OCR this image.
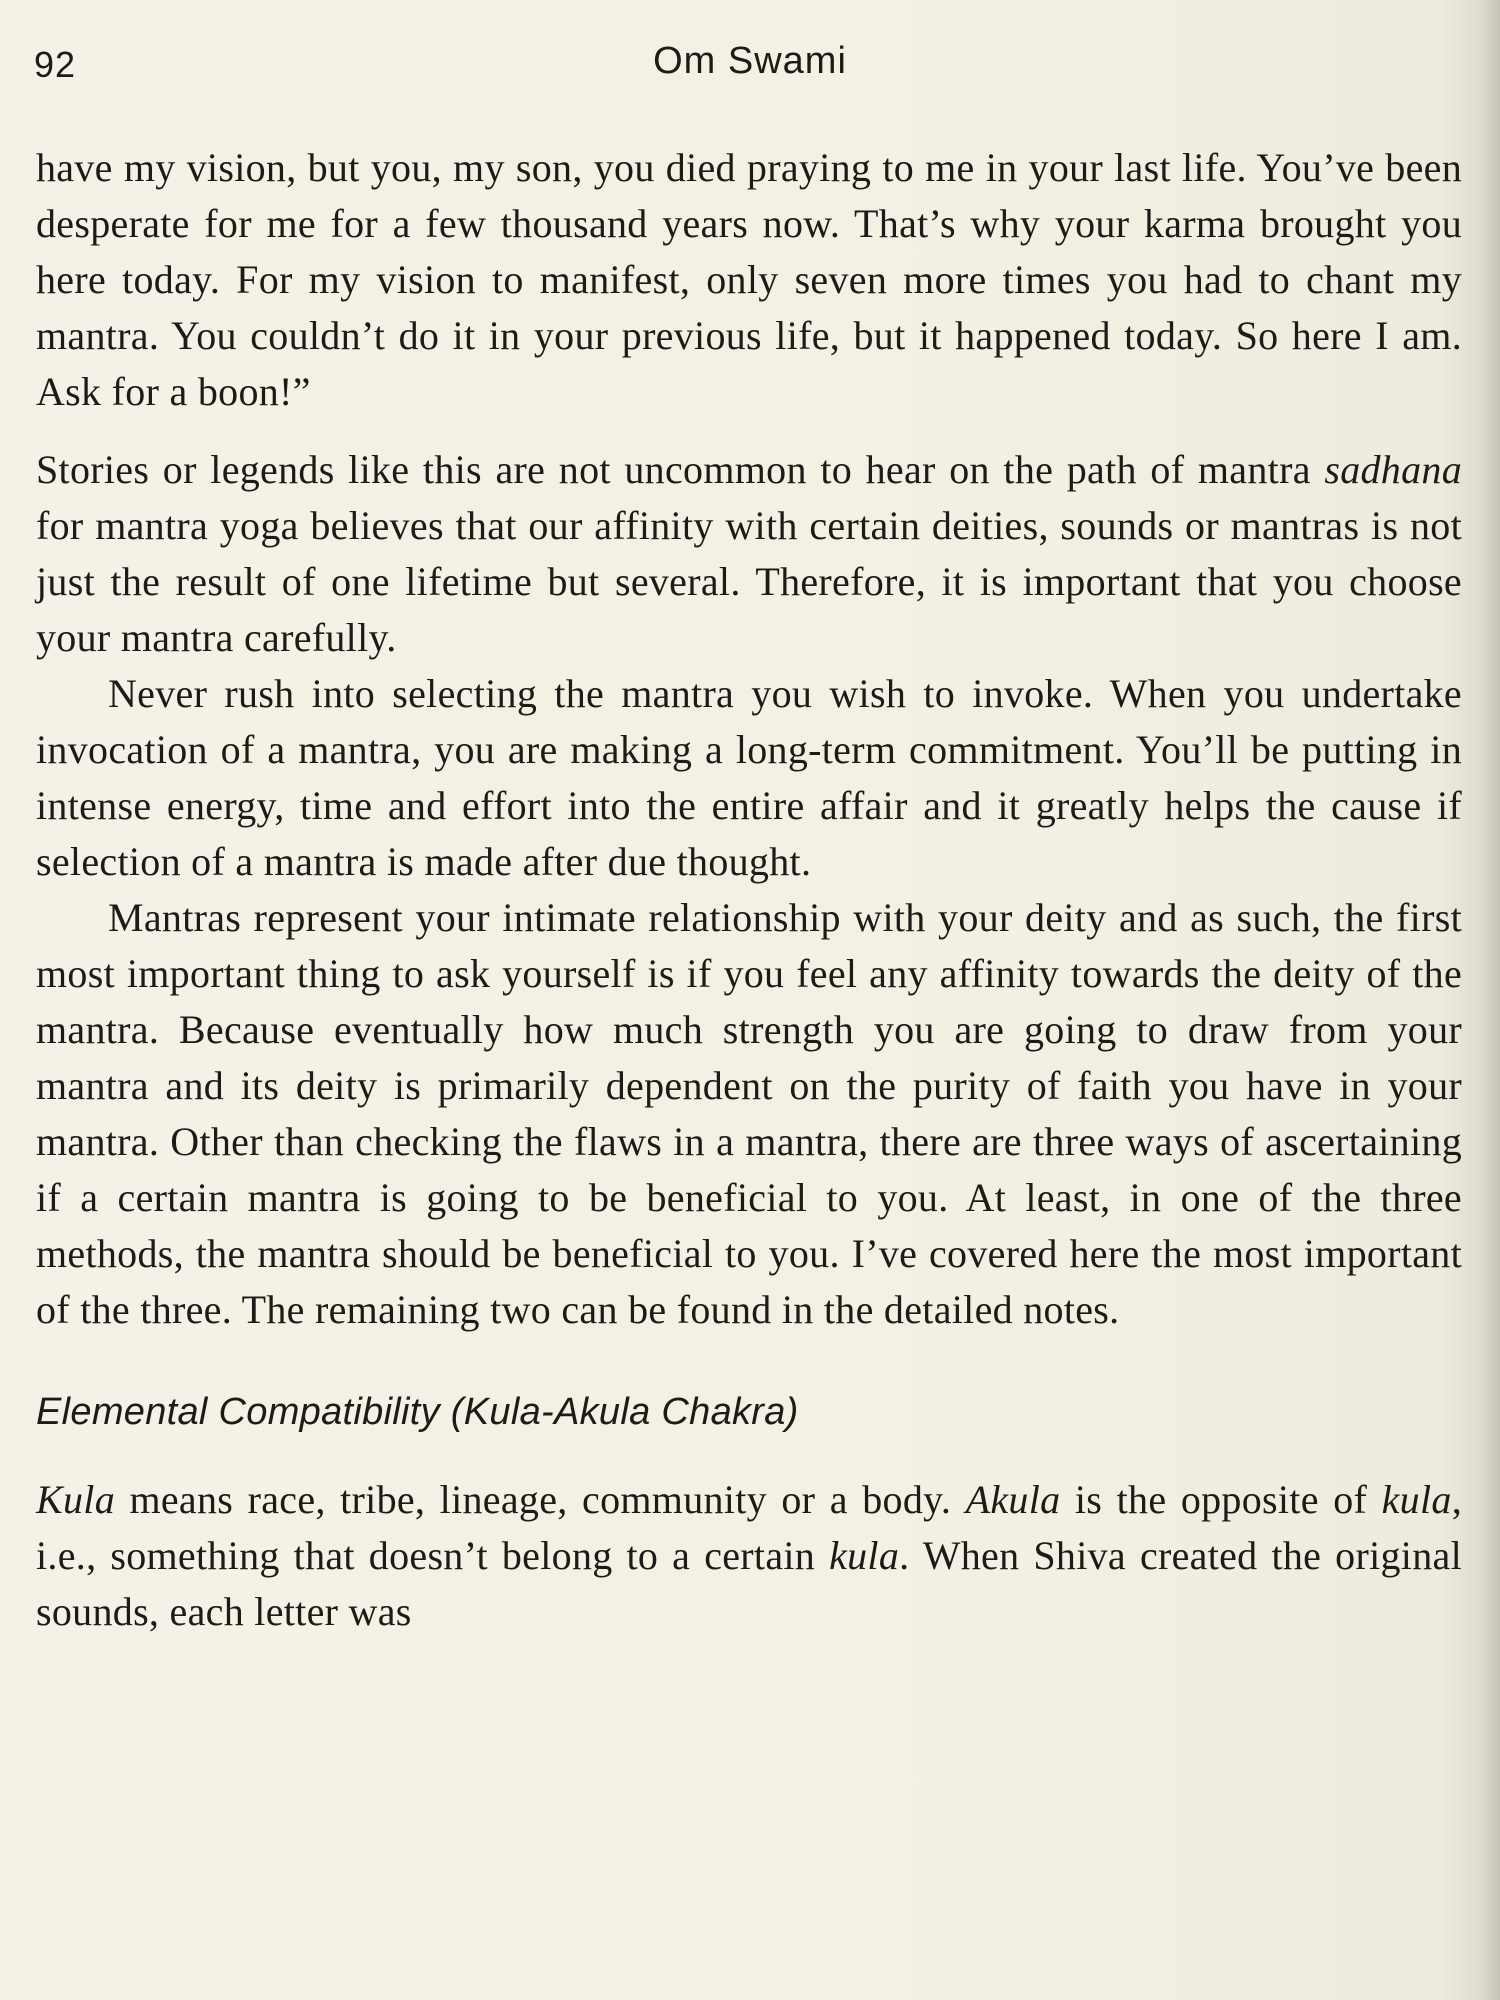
92	Om Swami

have my vision, but you, my son, you died praying to me in your last life. You’ve been desperate for me for a few thousand years now. That’s why your karma brought you here today. For my vision to manifest, only seven more times you had to chant my mantra. You couldn’t do it in your previous life, but it happened today. So here I am. Ask for a boon!”

Stories or legends like this are not uncommon to hear on the path of mantra sadhana for mantra yoga believes that our affinity with certain deities, sounds or mantras is not just the result of one lifetime but several. Therefore, it is important that you choose your mantra carefully.

Never rush into selecting the mantra you wish to invoke. When you undertake invocation of a mantra, you are making a long-term commitment. You’ll be putting in intense energy, time and effort into the entire affair and it greatly helps the cause if selection of a mantra is made after due thought.

Mantras represent your intimate relationship with your deity and as such, the first most important thing to ask yourself is if you feel any affinity towards the deity of the mantra. Because eventually how much strength you are going to draw from your mantra and its deity is primarily dependent on the purity of faith you have in your mantra. Other than checking the flaws in a mantra, there are three ways of ascertaining if a certain mantra is going to be beneficial to you. At least, in one of the three methods, the mantra should be beneficial to you. I’ve covered here the most important of the three. The remaining two can be found in the detailed notes.

Elemental Compatibility (Kula-Akula Chakra)

Kula means race, tribe, lineage, community or a body. Akula is the opposite of kula, i.e., something that doesn’t belong to a certain kula. When Shiva created the original sounds, each letter was
